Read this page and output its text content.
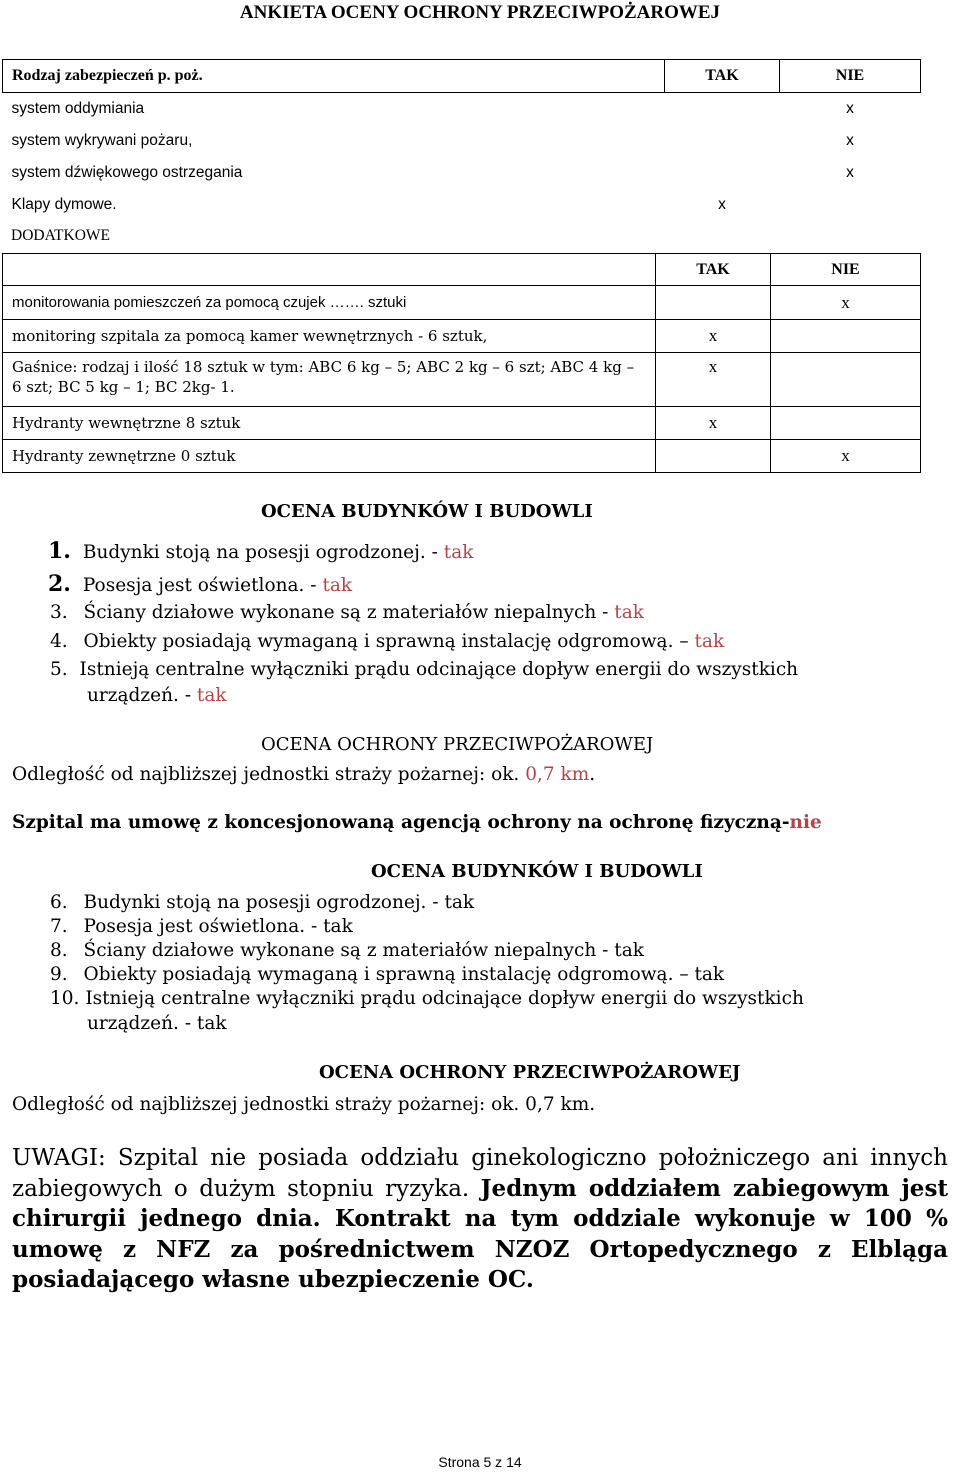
ANKIETA OCENY OCHRONY PRZECIWPOŻAROWEJ
Rodzaj zabezpieczeń p. poż.	TAK	NIE
system oddymiania		x
system wykrywani pożaru,		x
system dźwiękowego ostrzegania		x
Klapy dymowe.	x	
DODATKOWE
	TAK	NIE
monitorowania pomieszczeń za pomocą czujek ……. sztuki		x
monitoring szpitala za pomocą kamer wewnętrznych - 6 sztuk,	x	
Gaśnice: rodzaj i ilość 18 sztuk w tym: ABC 6 kg – 5; ABC 2 kg – 6 szt; ABC 4 kg – 6 szt; BC 5 kg – 1; BC 2kg- 1.	x	
Hydranty wewnętrzne 8 sztuk	x	
Hydranty zewnętrzne 0 sztuk		x
OCENA BUDYNKÓW I BUDOWLI
1. Budynki stoją na posesji ogrodzonej. - tak
2. Posesja jest oświetlona. - tak
3. Ściany działowe wykonane są z materiałów niepalnych - tak
4. Obiekty posiadają wymaganą i sprawną instalację odgromową. – tak
5. Istnieją centralne wyłączniki prądu odcinające dopływ energii do wszystkich
urządzeń. - tak
OCENA OCHRONY PRZECIWPOŻAROWEJ
Odległość od najbliższej jednostki straży pożarnej: ok. 0,7 km.
Szpital ma umowę z koncesjonowaną agencją ochrony na ochronę fizyczną-nie
OCENA BUDYNKÓW I BUDOWLI
6. Budynki stoją na posesji ogrodzonej. - tak
7. Posesja jest oświetlona. - tak
8. Ściany działowe wykonane są z materiałów niepalnych - tak
9. Obiekty posiadają wymaganą i sprawną instalację odgromową. – tak
10. Istnieją centralne wyłączniki prądu odcinające dopływ energii do wszystkich
urządzeń. - tak
OCENA OCHRONY PRZECIWPOŻAROWEJ
Odległość od najbliższej jednostki straży pożarnej: ok. 0,7 km.
UWAGI: Szpital nie posiada oddziału ginekologiczno położniczego ani innych zabiegowych o dużym stopniu ryzyka. Jednym oddziałem zabiegowym jest chirurgii jednego dnia. Kontrakt na tym oddziale wykonuje w 100 % umowę z NFZ za pośrednictwem NZOZ Ortopedycznego z Elbląga posiadającego własne ubezpieczenie OC.
Strona 5 z 14
